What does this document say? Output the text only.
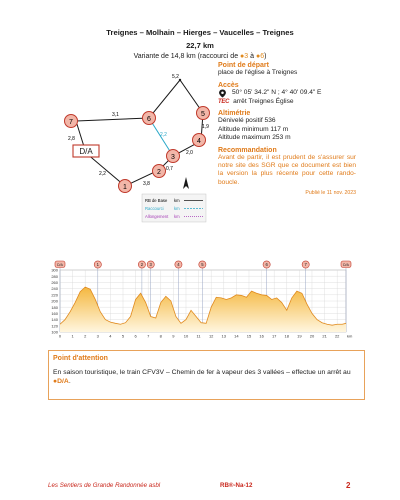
Treignes – Molhain – Hierges – Vaucelles – Treignes
22,7 km
Variante de 14,8 km (raccourci de ●3 à ●6)
5,2
3,1
2,2
1,9
2,0
0,7
2,2
2,8
3,8
D/A
7	6
5
4
3
2
1
RB de Base km
Raccourci km
Allongement km
Point de départ
place de l'église à Treignes
Accès
50° 05' 34.2" N ; 4° 40' 09.4" E
TEC arrêt Treignes Église
Altimétrie
Dénivelé positif 536
Altitude minimum 117 m
Altitude maximum 253 m
Recommandation
Avant de partir, il est prudent de s'assurer sur notre site des SGR que ce document est bien la version la plus récente pour cette rando-boucle.
Publié le 11 nov. 2023
100
120
140
160
180
200
220
240
260
280
300
0	1	2	3	4	5	6	7	8	9 10 11 12 13 14 15 16 17 18 19 20 21 22 km
D/A	1	2 3	4	5	6	7	D/A
Point d'attention
En saison touristique, le train CFV3V – Chemin de fer à vapeur des 3 vallées – effectue un arrêt au ●D/A.
Les Sentiers de Grande Randonnée asbl	RB®-Na-12	2
